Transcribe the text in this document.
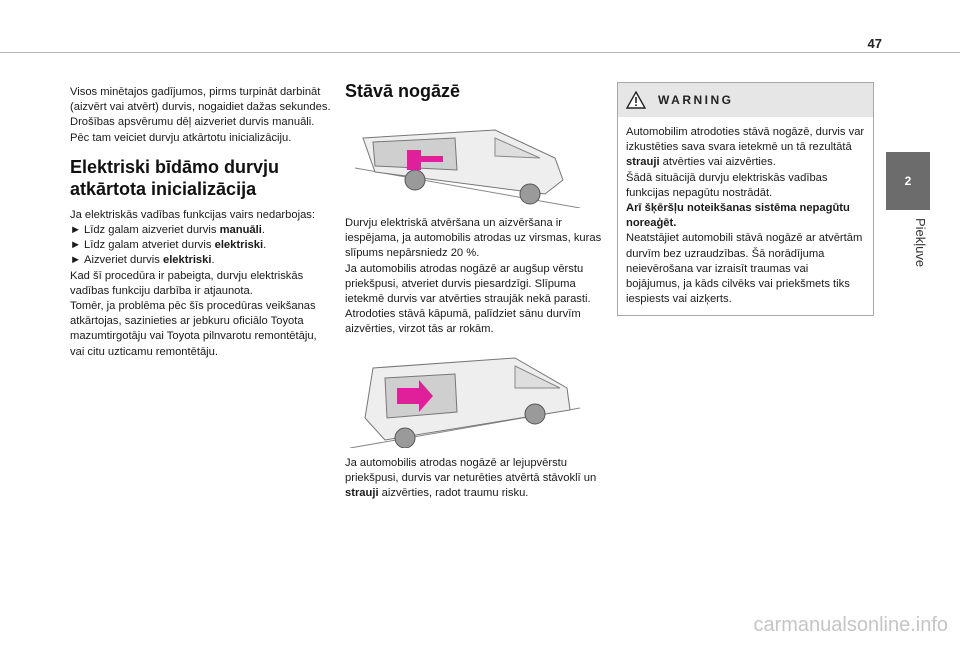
47
2
Piekļuve

Visos minētajos gadījumos, pirms turpināt darbināt (aizvērt vai atvērt) durvis, nogaidiet dažas sekundes.

Drošības apsvērumu dēļ aizveriet durvis manuāli.

Pēc tam veiciet durvju atkārtotu inicializāciju.

Elektriski bīdāmo durvju atkārtota inicializācija

Ja elektriskās vadības funkcijas vairs nedarbojas:

► Līdz galam aizveriet durvis manuāli.
► Līdz galam atveriet durvis elektriski.
► Aizveriet durvis elektriski.

Kad šī procedūra ir pabeigta, durvju elektriskās vadības funkciju darbība ir atjaunota.

Tomēr, ja problēma pēc šīs procedūras veikšanas atkārtojas, sazinieties ar jebkuru oficiālo Toyota mazumtirgotāju vai Toyota pilnvarotu remontētāju, vai citu uzticamu remontētāju.

Stāvā nogāzē

Durvju elektriskā atvēršana un aizvēršana ir iespējama, ja automobilis atrodas uz virsmas, kuras slīpums nepārsniedz 20 %.

Ja automobilis atrodas nogāzē ar augšup vērstu priekšpusi, atveriet durvis piesardzīgi. Slīpuma ietekmē durvis var atvērties straujāk nekā parasti.

Atrodoties stāvā kāpumā, palīdziet sānu durvīm aizvērties, virzot tās ar rokām.

Ja automobilis atrodas nogāzē ar lejupvērstu priekšpusi, durvis var neturēties atvērtā stāvoklī un strauji aizvērties, radot traumu risku.

WARNING

Automobilim atrodoties stāvā nogāzē, durvis var izkustēties sava svara ietekmē un tā rezultātā strauji atvērties vai aizvērties.

Šādā situācijā durvju elektriskās vadības funkcijas nepagūtu nostrādāt.

Arī šķēršļu noteikšanas sistēma nepagūtu noreaģēt.

Neatstājiet automobili stāvā nogāzē ar atvērtām durvīm bez uzraudzības. Šā norādījuma neievērošana var izraisīt traumas vai bojājumus, ja kāds cilvēks vai priekšmets tiks iespiests vai aizķerts.

carmanualsonline.info
